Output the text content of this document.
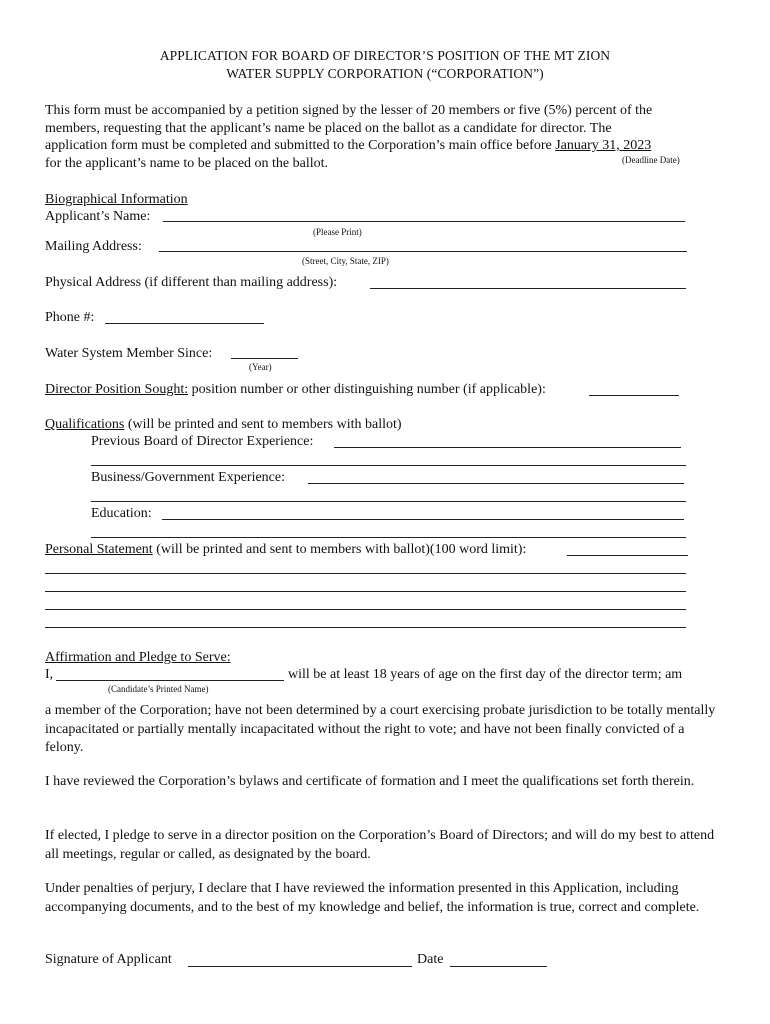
APPLICATION FOR BOARD OF DIRECTOR’S POSITION OF THE MT ZION
WATER SUPPLY CORPORATION (“CORPORATION”)
This form must be accompanied by a petition signed by the lesser of 20 members or five (5%) percent of the
members, requesting that the applicant’s name be placed on the ballot as a candidate for director. The
application form must be completed and submitted to the Corporation’s main office before January 31, 2023
(Deadline Date)
for the applicant’s name to be placed on the ballot.
Biographical Information
Applicant’s Name:
(Please Print)
Mailing Address:
(Street, City, State, ZIP)
Physical Address (if different than mailing address):
Phone #:
Water System Member Since:
(Year)
Director Position Sought: position number or other distinguishing number (if applicable):
Qualifications (will be printed and sent to members with ballot)
Previous Board of Director Experience:
Business/Government Experience:
Education:
Personal Statement (will be printed and sent to members with ballot)(100 word limit):
Affirmation and Pledge to Serve:
I,	will be at least 18 years of age on the first day of the director term; am
(Candidate’s Printed Name)
a member of the Corporation; have not been determined by a court exercising probate jurisdiction to be totally mentally incapacitated or partially mentally incapacitated without the right to vote; and have not been finally convicted of a felony.
I have reviewed the Corporation’s bylaws and certificate of formation and I meet the qualifications set forth therein.
If elected, I pledge to serve in a director position on the Corporation’s Board of Directors; and will do my best to attend all meetings, regular or called, as designated by the board.
Under penalties of perjury, I declare that I have reviewed the information presented in this Application, including accompanying documents, and to the best of my knowledge and belief, the information is true, correct and complete.
Signature of Applicant	Date
